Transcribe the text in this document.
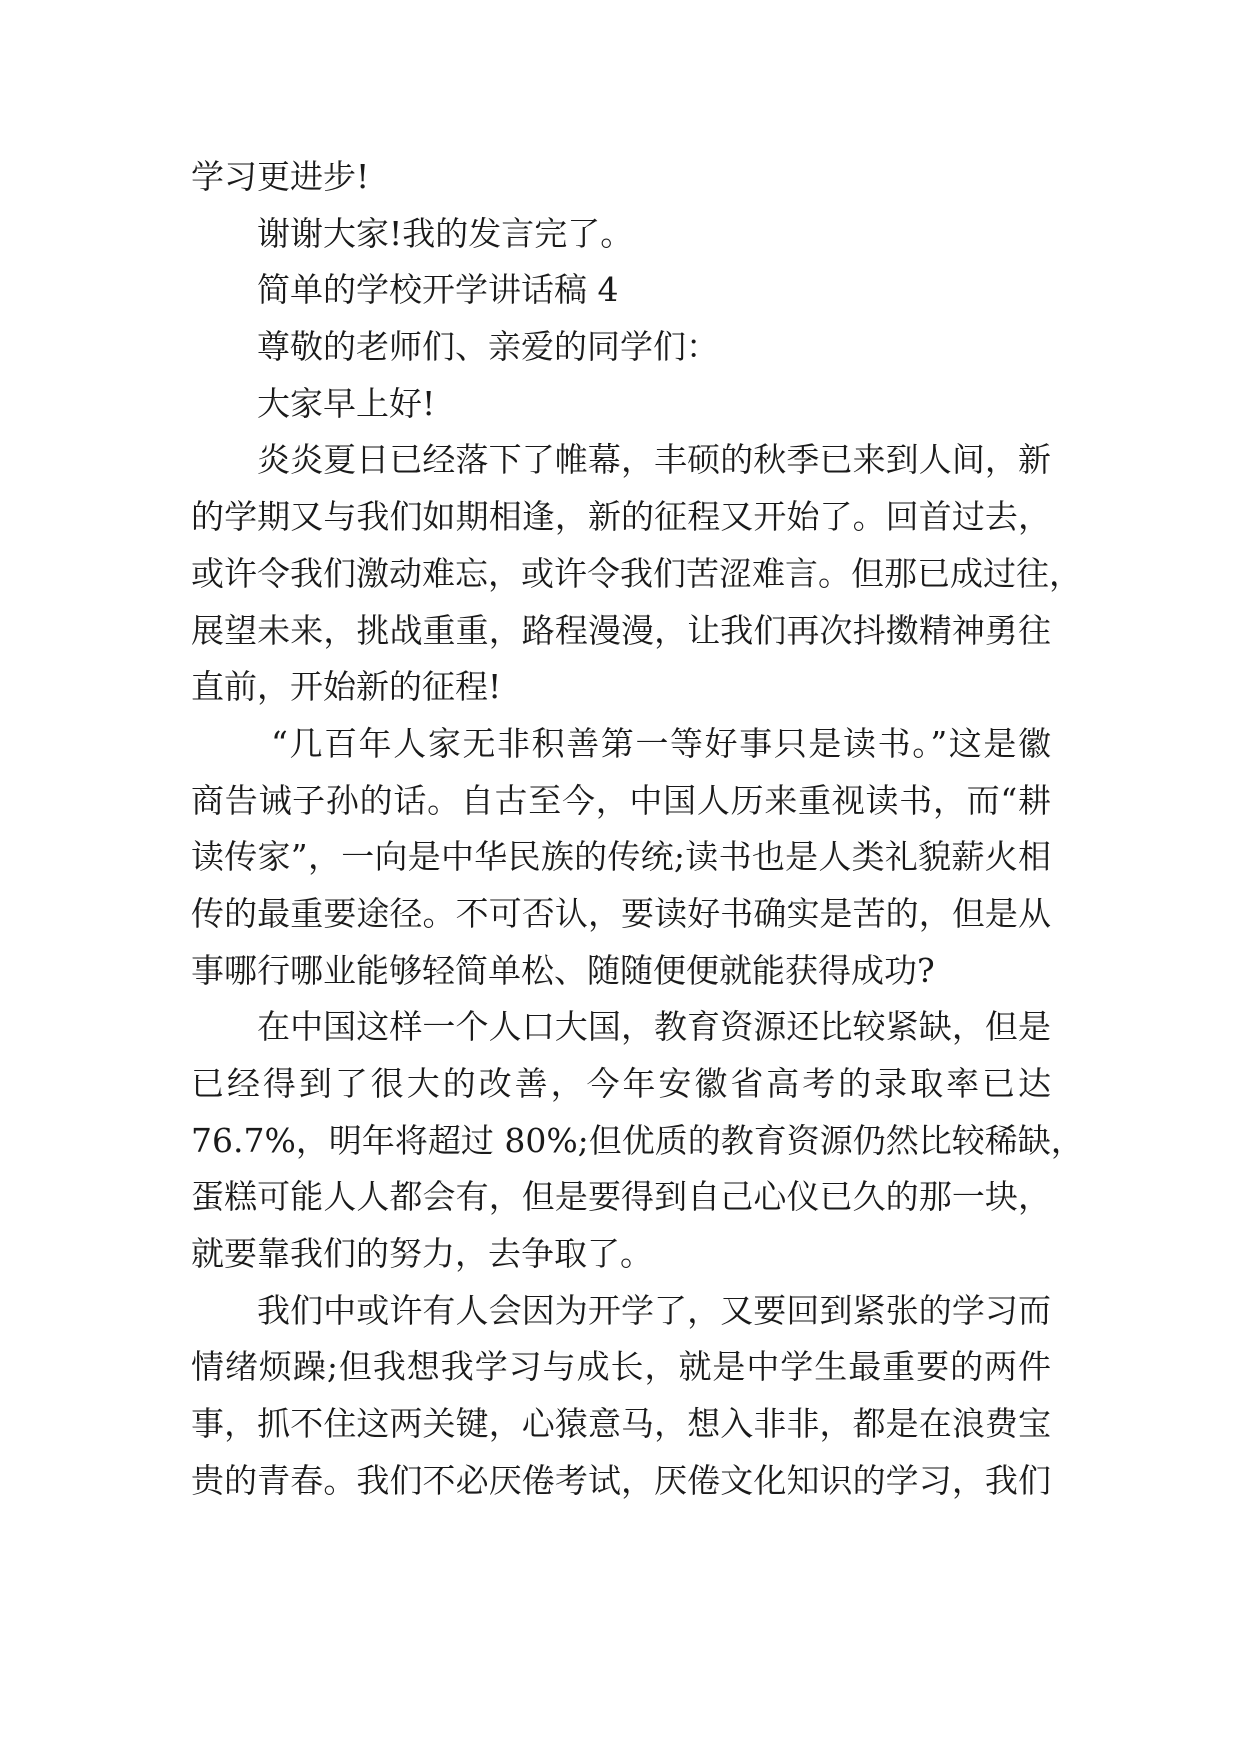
学习更进步!
谢谢大家!我的发言完了。
简单的学校开学讲话稿 4
尊敬的老师们、亲爱的同学们：
大家早上好!
炎炎夏日已经落下了帷幕，丰硕的秋季已来到人间，新
的学期又与我们如期相逢，新的征程又开始了。回首过去，
或许令我们激动难忘，或许令我们苦涩难言。但那已成过往，
展望未来，挑战重重，路程漫漫，让我们再次抖擞精神勇往
直前，开始新的征程!
“几百年人家无非积善第一等好事只是读书。”这是徽
商告诫子孙的话。自古至今，中国人历来重视读书，而“耕
读传家”，一向是中华民族的传统;读书也是人类礼貌薪火相
传的最重要途径。不可否认，要读好书确实是苦的，但是从
事哪行哪业能够轻简单松、随随便便就能获得成功?
在中国这样一个人口大国，教育资源还比较紧缺，但是
已经得到了很大的改善，今年安徽省高考的录取率已达
76.7%，明年将超过 80%;但优质的教育资源仍然比较稀缺，
蛋糕可能人人都会有，但是要得到自己心仪已久的那一块，
就要靠我们的努力，去争取了。
我们中或许有人会因为开学了，又要回到紧张的学习而
情绪烦躁;但我想我学习与成长，就是中学生最重要的两件
事，抓不住这两关键，心猿意马，想入非非，都是在浪费宝
贵的青春。我们不必厌倦考试，厌倦文化知识的学习，我们
